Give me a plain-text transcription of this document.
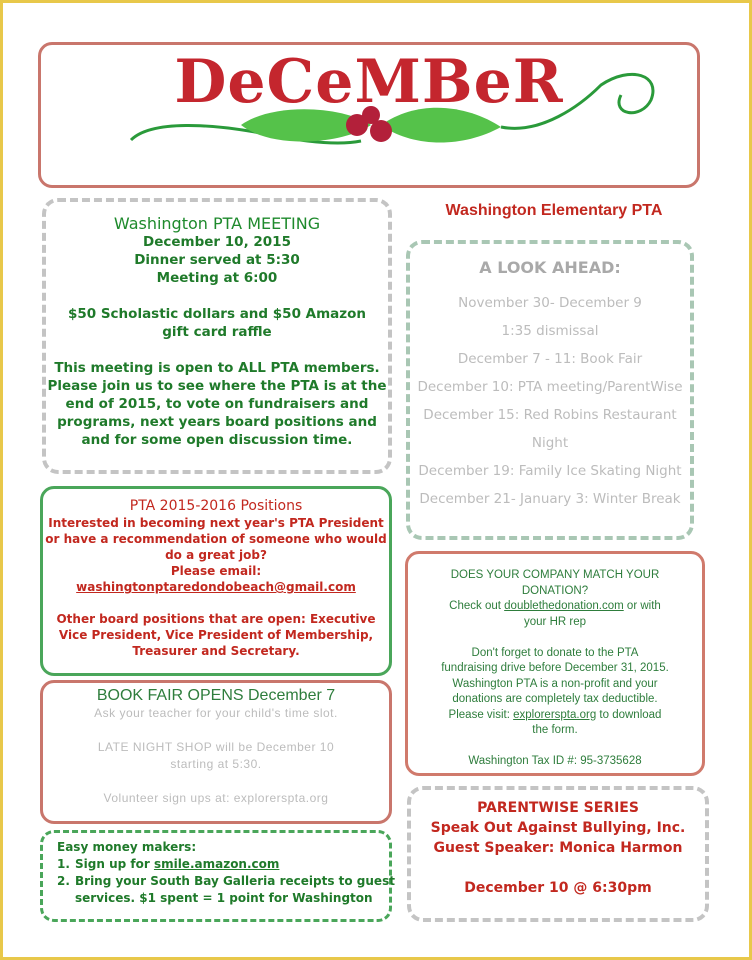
DeCeMBeR
Washington Elementary PTA
Washington PTA MEETING
December 10, 2015
Dinner served at 5:30
Meeting at 6:00
$50 Scholastic dollars and $50 Amazon
gift card raffle
This meeting is open to ALL PTA members.
Please join us to see where the PTA is at the
end of 2015, to vote on fundraisers and
programs, next years board positions and
and for some open discussion time.
A LOOK AHEAD:
November 30- December 9
1:35 dismissal
December 7 - 11: Book Fair
December 10: PTA meeting/ParentWise
December 15: Red Robins Restaurant
Night
December 19: Family Ice Skating Night
December 21- January 3: Winter Break
PTA 2015-2016 Positions
Interested in becoming next year's PTA President
or have a recommendation of someone who would
do a great job?
Please email:
washingtonptaredondobeach@gmail.com
Other board positions that are open: Executive
Vice President, Vice President of Membership,
Treasurer and Secretary.
DOES YOUR COMPANY MATCH YOUR
DONATION?
Check out doublethedonation.com or with
your HR rep
Don't forget to donate to the PTA
fundraising drive before December 31, 2015.
Washington PTA is a non-profit and your
donations are completely tax deductible.
Please visit: explorerspta.org to download
the form.
Washington Tax ID #: 95-3735628
BOOK FAIR OPENS December 7
Ask your teacher for your child's time slot.
LATE NIGHT SHOP will be December 10
starting at 5:30.
Volunteer sign ups at: explorerspta.org
Easy money makers:
1. Sign up for smile.amazon.com
2. Bring your South Bay Galleria receipts to guest
services. $1 spent = 1 point for Washington
PARENTWISE SERIES
Speak Out Against Bullying, Inc.
Guest Speaker: Monica Harmon
December 10 @ 6:30pm
